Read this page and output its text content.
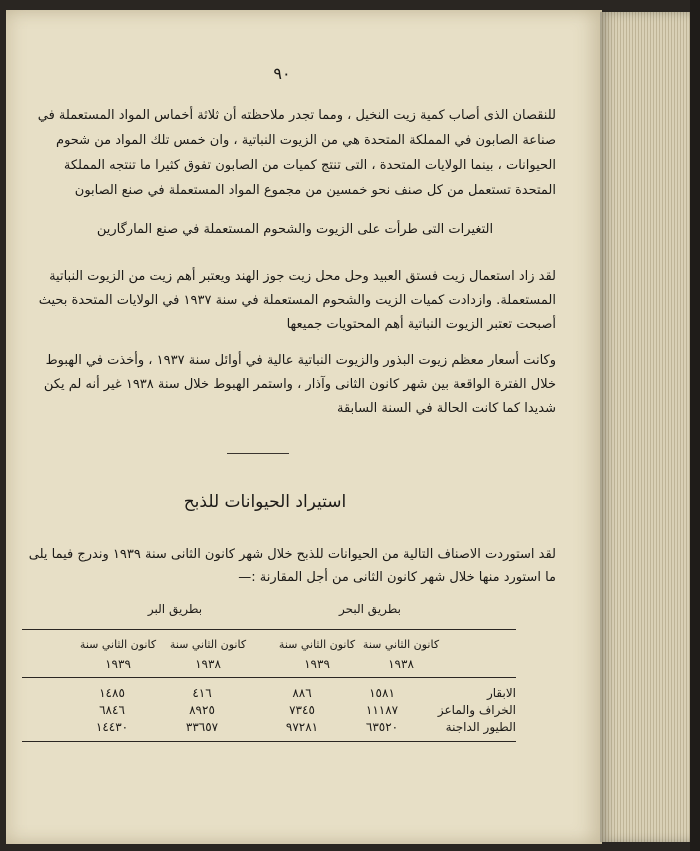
٩٠
للنقصان الذى أصاب كمية زيت النخيل ، ومما تجدر ملاحظته أن ثلاثة أخماس المواد المستعملة في صناعة الصابون في المملكة المتحدة هي من الزيوت النباتية ، وان خمس تلك المواد من شحوم الحيوانات ، بينما الولايات المتحدة ، التى تنتج كميات من الصابون تفوق كثيرا ما تنتجه المملكة المتحدة تستعمل من كل صنف نحو خمسين من مجموع المواد المستعملة في صنع الصابون
التغيرات التى طرأت على الزيوت والشحوم المستعملة في صنع المارگارين
لقد زاد استعمال زيت فستق العبيد وحل محل زيت جوز الهند ويعتبر أهم زيت من الزيوت النباتية المستعملة. وازدادت كميات الزيت والشحوم المستعملة في سنة ١٩٣٧ في الولايات المتحدة بحيث أصبحت تعتبر الزيوت النباتية أهم المحتويات جميعها
وكانت أسعار معظم زيوت البذور والزيوت النباتية عالية في أوائل سنة ١٩٣٧ ، وأخذت في الهبوط خلال الفترة الواقعة بين شهر كانون الثانى وآذار ، واستمر الهبوط خلال سنة ١٩٣٨ غير أنه لم يكن شديدا كما كانت الحالة في السنة السابقة
استيراد الحيوانات للذبح
لقد استوردت الاصناف التالية من الحيوانات للذبح خلال شهر كانون الثانى سنة ١٩٣٩ وندرج فيما يلى ما استورد منها خلال شهر كانون الثانى من أجل المقارنة :—
بطريق البحر
بطريق البر
كانون الثاني سنة
كانون الثاني سنة
كانون الثاني سنة
كانون الثاني سنة
١٩٣٨
١٩٣٩
١٩٣٨
١٩٣٩
الابقار
١٥٨١
٨٨٦
٤١٦
١٤٨٥
الخراف والماعز
١١١٨٧
٧٣٤٥
٨٩٢٥
٦٨٤٦
الطيور الداجنة
٦٣٥٢٠
٩٧٢٨١
٣٣٦٥٧
١٤٤٣٠
